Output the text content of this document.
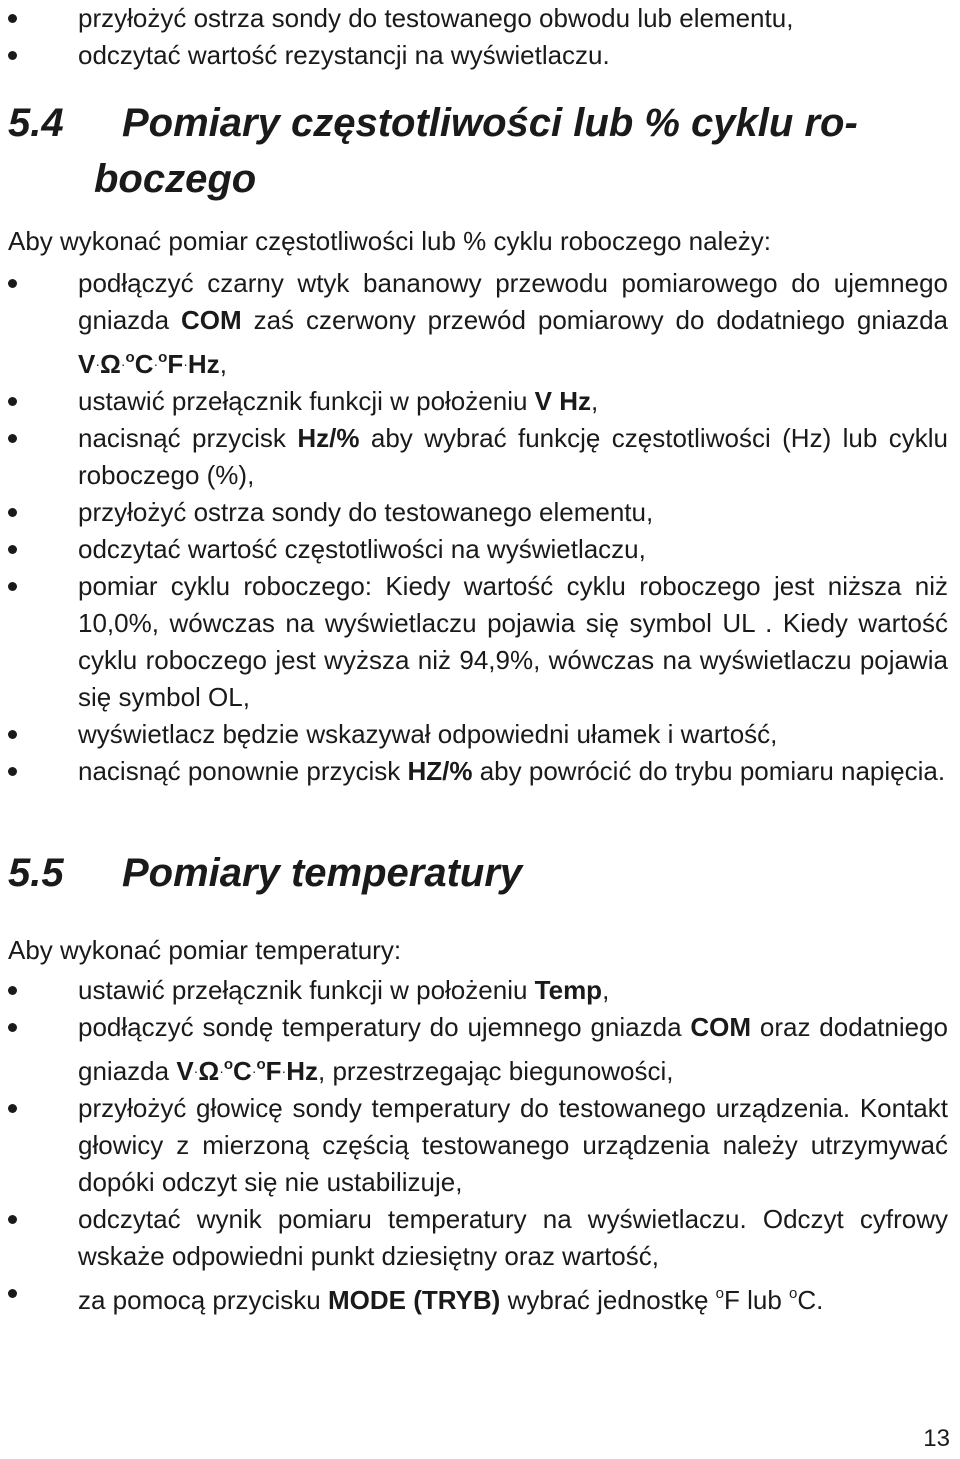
przyłożyć ostrza sondy do testowanego obwodu lub elementu,
odczytać wartość rezystancji na wyświetlaczu.
5.4 Pomiary częstotliwości lub % cyklu ro-
boczego

Aby wykonać pomiar częstotliwości lub % cyklu roboczego należy:

podłączyć czarny wtyk bananowy przewodu pomiarowego do ujemnego gniazda COM zaś czerwony przewód pomiarowy do dodatniego gniazda V·Ω·$^o$C·$^o$F·Hz,
ustawić przełącznik funkcji w położeniu V Hz,
nacisnąć przycisk Hz/% aby wybrać funkcję częstotliwości (Hz) lub cyklu roboczego (%),
przyłożyć ostrza sondy do testowanego elementu,
odczytać wartość częstotliwości na wyświetlaczu,
pomiar cyklu roboczego: Kiedy wartość cyklu roboczego jest niższa niż 10,0%, wówczas na wyświetlaczu pojawia się symbol UL . Kiedy wartość cyklu roboczego jest wyższa niż 94,9%, wówczas na wyświetlaczu pojawia się symbol OL,
wyświetlacz będzie wskazywał odpowiedni ułamek i wartość,
nacisnąć ponownie przycisk HZ/% aby powrócić do trybu pomiaru napięcia.
5.5 Pomiary temperatury

Aby wykonać pomiar temperatury:

ustawić przełącznik funkcji w położeniu Temp,
podłączyć sondę temperatury do ujemnego gniazda COM oraz dodatniego gniazda V·Ω·$^o$C·$^o$F·Hz, przestrzegając biegunowości,
przyłożyć głowicę sondy temperatury do testowanego urządzenia. Kontakt głowicy z mierzoną częścią testowanego urządzenia należy utrzymywać dopóki odczyt się nie ustabilizuje,
odczytać wynik pomiaru temperatury na wyświetlaczu. Odczyt cyfrowy wskaże odpowiedni punkt dziesiętny oraz wartość,
za pomocą przycisku MODE (TRYB) wybrać jednostkę $^o$F lub $^o$C.
13
